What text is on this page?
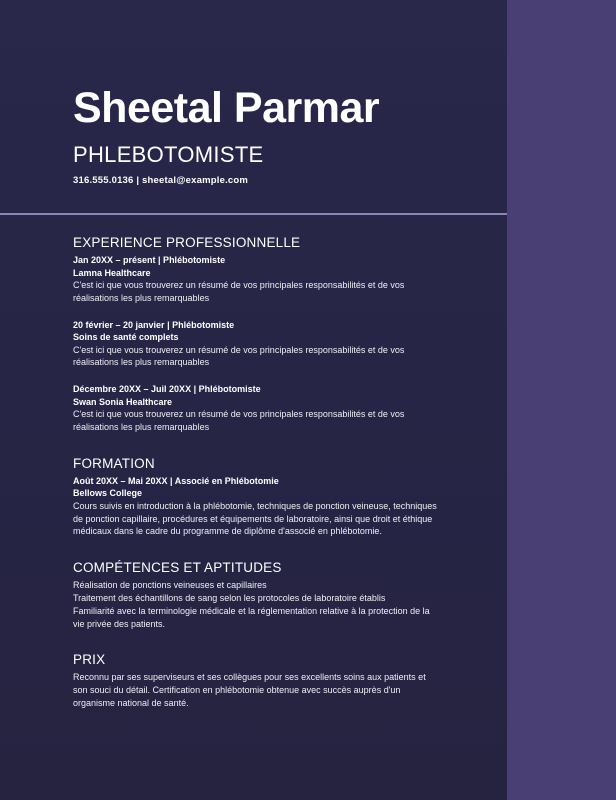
Sheetal Parmar
PHLEBOTOMISTE
316.555.0136 | sheetal@example.com
EXPERIENCE PROFESSIONNELLE
Jan 20XX – présent | Phlébotomiste
Lamna Healthcare
C'est ici que vous trouverez un résumé de vos principales responsabilités et de vos réalisations les plus remarquables
20 février – 20 janvier | Phlébotomiste
Soins de santé complets
C'est ici que vous trouverez un résumé de vos principales responsabilités et de vos réalisations les plus remarquables
Décembre 20XX – Juil 20XX | Phlébotomiste
Swan Sonia Healthcare
C'est ici que vous trouverez un résumé de vos principales responsabilités et de vos réalisations les plus remarquables
FORMATION
Août 20XX – Mai 20XX | Associé en Phlébotomie
Bellows College
Cours suivis en introduction à la phlébotomie, techniques de ponction veineuse, techniques de ponction capillaire, procédures et équipements de laboratoire, ainsi que droit et éthique médicaux dans le cadre du programme de diplôme d'associé en phlébotomie.
COMPÉTENCES ET APTITUDES
Réalisation de ponctions veineuses et capillaires
Traitement des échantillons de sang selon les protocoles de laboratoire établis
Familiarité avec la terminologie médicale et la réglementation relative à la protection de la vie privée des patients.
PRIX
Reconnu par ses superviseurs et ses collègues pour ses excellents soins aux patients et son souci du détail. Certification en phlébotomie obtenue avec succès auprès d'un organisme national de santé.
